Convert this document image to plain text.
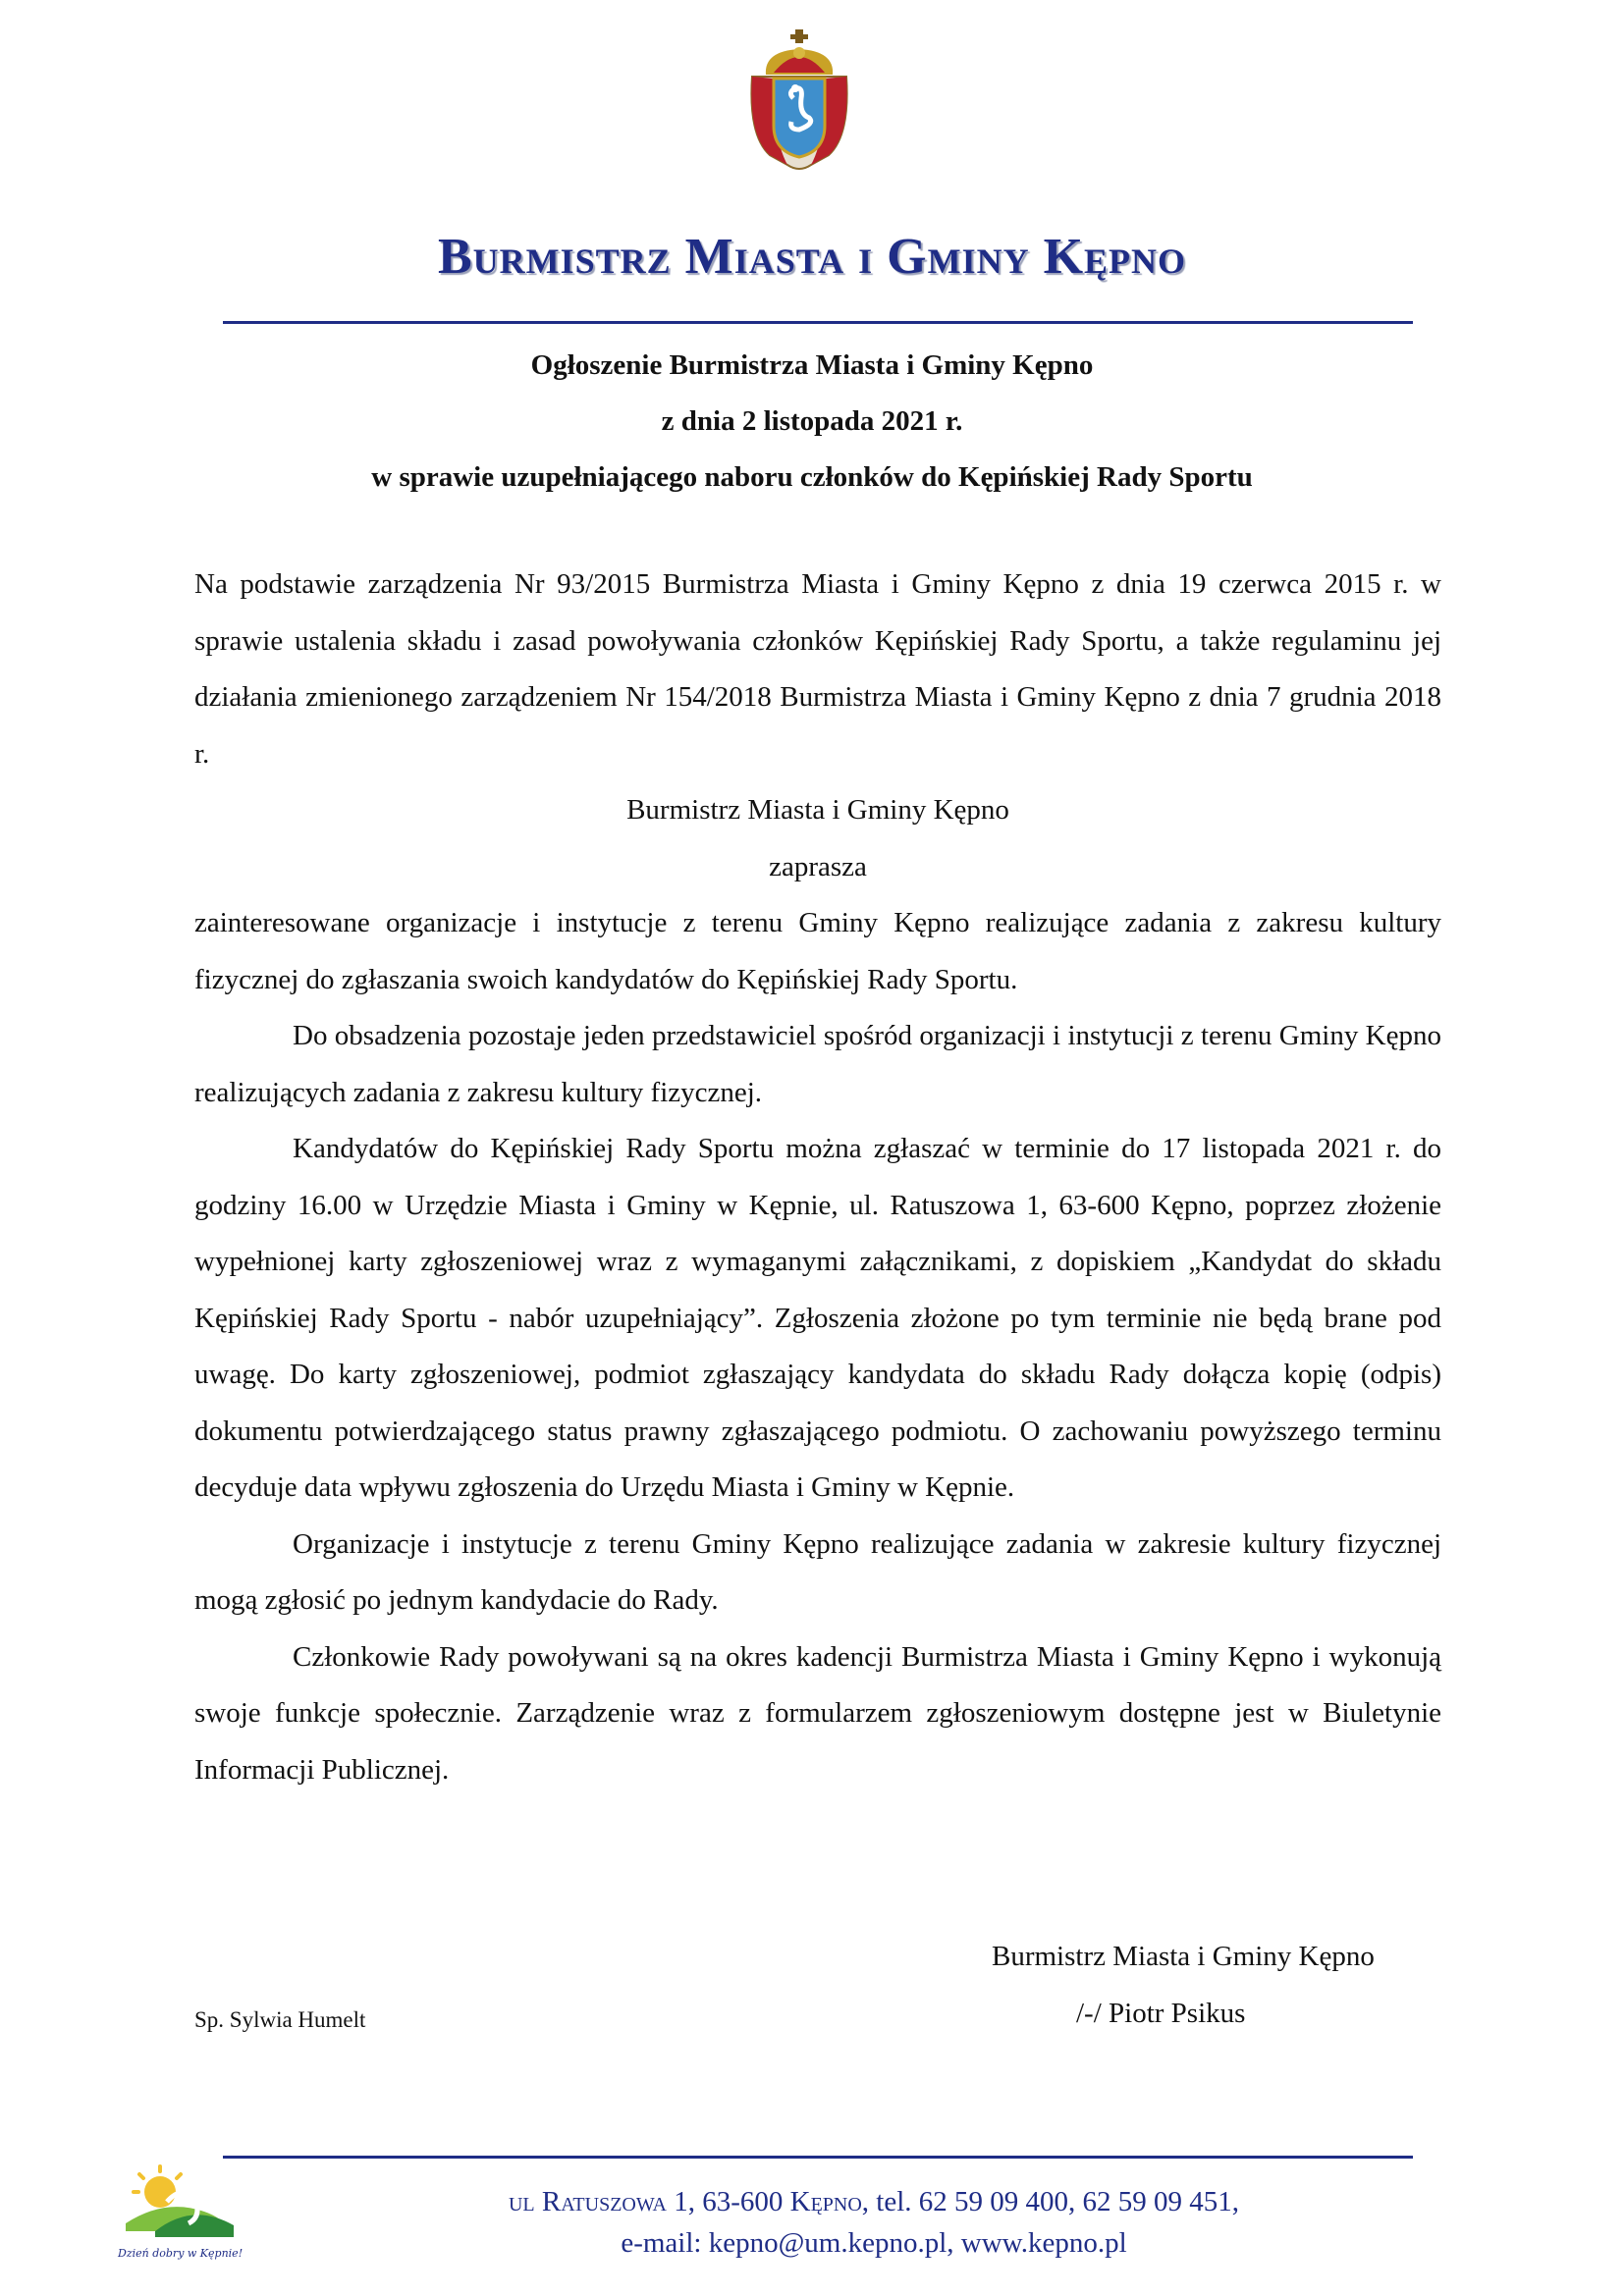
Burmistrz Miasta i Gminy Kępno
Ogłoszenie Burmistrza Miasta i Gminy Kępno
z dnia 2 listopada 2021 r.
w sprawie uzupełniającego naboru członków do Kępińskiej Rady Sportu

Na podstawie zarządzenia Nr 93/2015 Burmistrza Miasta i Gminy Kępno z dnia 19 czerwca 2015 r. w sprawie ustalenia składu i zasad powoływania członków Kępińskiej Rady Sportu, a także regulaminu jej działania zmienionego zarządzeniem Nr 154/2018 Burmistrza Miasta i Gminy Kępno z dnia 7 grudnia 2018 r.

Burmistrz Miasta i Gminy Kępno

zaprasza

zainteresowane organizacje i instytucje z terenu Gminy Kępno realizujące zadania z zakresu kultury fizycznej do zgłaszania swoich kandydatów do Kępińskiej Rady Sportu.

Do obsadzenia pozostaje jeden przedstawiciel spośród organizacji i instytucji z terenu Gminy Kępno realizujących zadania z zakresu kultury fizycznej.

Kandydatów do Kępińskiej Rady Sportu można zgłaszać w terminie do 17 listopada 2021 r. do godziny 16.00 w Urzędzie Miasta i Gminy w Kępnie, ul. Ratuszowa 1, 63-600 Kępno, poprzez złożenie wypełnionej karty zgłoszeniowej wraz z wymaganymi załącznikami, z dopiskiem „Kandydat do składu Kępińskiej Rady Sportu - nabór uzupełniający”. Zgłoszenia złożone po tym terminie nie będą brane pod uwagę. Do karty zgłoszeniowej, podmiot zgłaszający kandydata do składu Rady dołącza kopię (odpis) dokumentu potwierdzającego status prawny zgłaszającego podmiotu. O zachowaniu powyższego terminu decyduje data wpływu zgłoszenia do Urzędu Miasta i Gminy w Kępnie.

Organizacje i instytucje z terenu Gminy Kępno realizujące zadania w zakresie kultury fizycznej mogą zgłosić po jednym kandydacie do Rady.

Członkowie Rady powoływani są na okres kadencji Burmistrza Miasta i Gminy Kępno i wykonują swoje funkcje społecznie. Zarządzenie wraz z formularzem zgłoszeniowym dostępne jest w Biuletynie Informacji Publicznej.

Burmistrz Miasta i Gminy Kępno
/-/ Piotr Psikus
Sp. Sylwia Humelt
Dzień dobry w Kępnie!
ul Ratuszowa 1, 63-600 Kępno, tel. 62 59 09 400, 62 59 09 451,
e-mail: kepno@um.kepno.pl, www.kepno.pl
